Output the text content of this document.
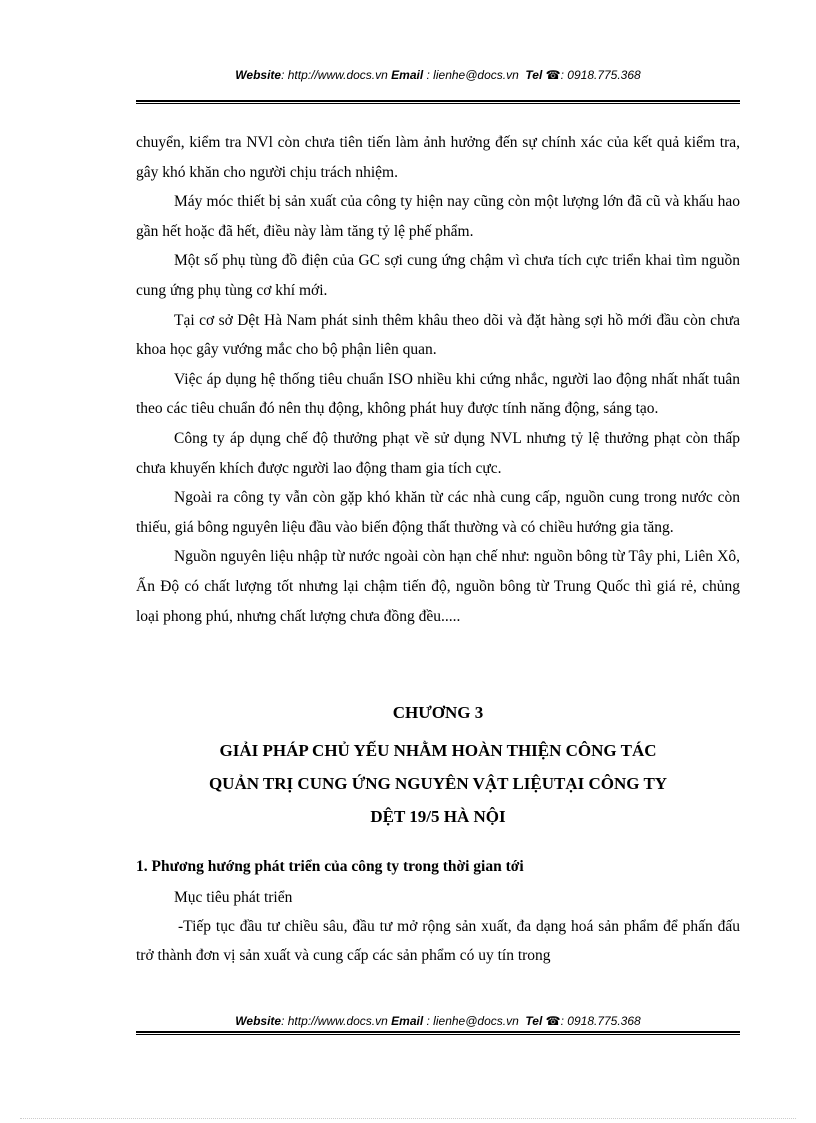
Website: http://www.docs.vn Email : lienhe@docs.vn Tel ☎: 0918.775.368

chuyển, kiểm tra NVl còn chưa tiên tiến làm ảnh hưởng đến sự chính xác của kết quả kiểm tra, gây khó khăn cho người chịu trách nhiệm.

Máy móc thiết bị sản xuất của công ty hiện nay cũng còn một lượng lớn đã cũ và khấu hao gần hết hoặc đã hết, điều này làm tăng tỷ lệ phế phẩm.

Một số phụ tùng đồ điện của GC sợi cung ứng chậm vì chưa tích cực triển khai tìm nguồn cung ứng phụ tùng cơ khí mới.

Tại cơ sở Dệt Hà Nam phát sinh thêm khâu theo dõi và đặt hàng sợi hồ mới đầu còn chưa khoa học gây vướng mắc cho bộ phận liên quan.

Việc áp dụng hệ thống tiêu chuẩn ISO nhiều khi cứng nhắc, người lao động nhất nhất tuân theo các tiêu chuẩn đó nên thụ động, không phát huy được tính năng động, sáng tạo.

Công ty áp dụng chế độ thưởng phạt về sử dụng NVL nhưng tỷ lệ thưởng phạt còn thấp chưa khuyến khích được người lao động tham gia tích cực.

Ngoài ra công ty vẫn còn gặp khó khăn từ các nhà cung cấp, nguồn cung trong nước còn thiếu, giá bông nguyên liệu đầu vào biến động thất thường và có chiều hướng gia tăng.

Nguồn nguyên liệu nhập từ nước ngoài còn hạn chế như: nguồn bông từ Tây phi, Liên Xô, Ấn Độ có chất lượng tốt nhưng lại chậm tiến độ, nguồn bông từ Trung Quốc thì giá rẻ, chủng loại phong phú, nhưng chất lượng chưa đồng đều.....

CHƯƠNG 3
GIẢI PHÁP CHỦ YẾU NHẰM HOÀN THIỆN CÔNG TÁC
QUẢN TRỊ CUNG ỨNG NGUYÊN VẬT LIỆUTẠI CÔNG TY
DỆT 19/5 HÀ NỘI
1. Phương hướng phát triển của công ty trong thời gian tới

Mục tiêu phát triển

-Tiếp tục đầu tư chiều sâu, đầu tư mở rộng sản xuất, đa dạng hoá sản phẩm để phấn đấu trở thành đơn vị sản xuất và cung cấp các sản phẩm có uy tín trong

Website: http://www.docs.vn Email : lienhe@docs.vn Tel ☎: 0918.775.368
